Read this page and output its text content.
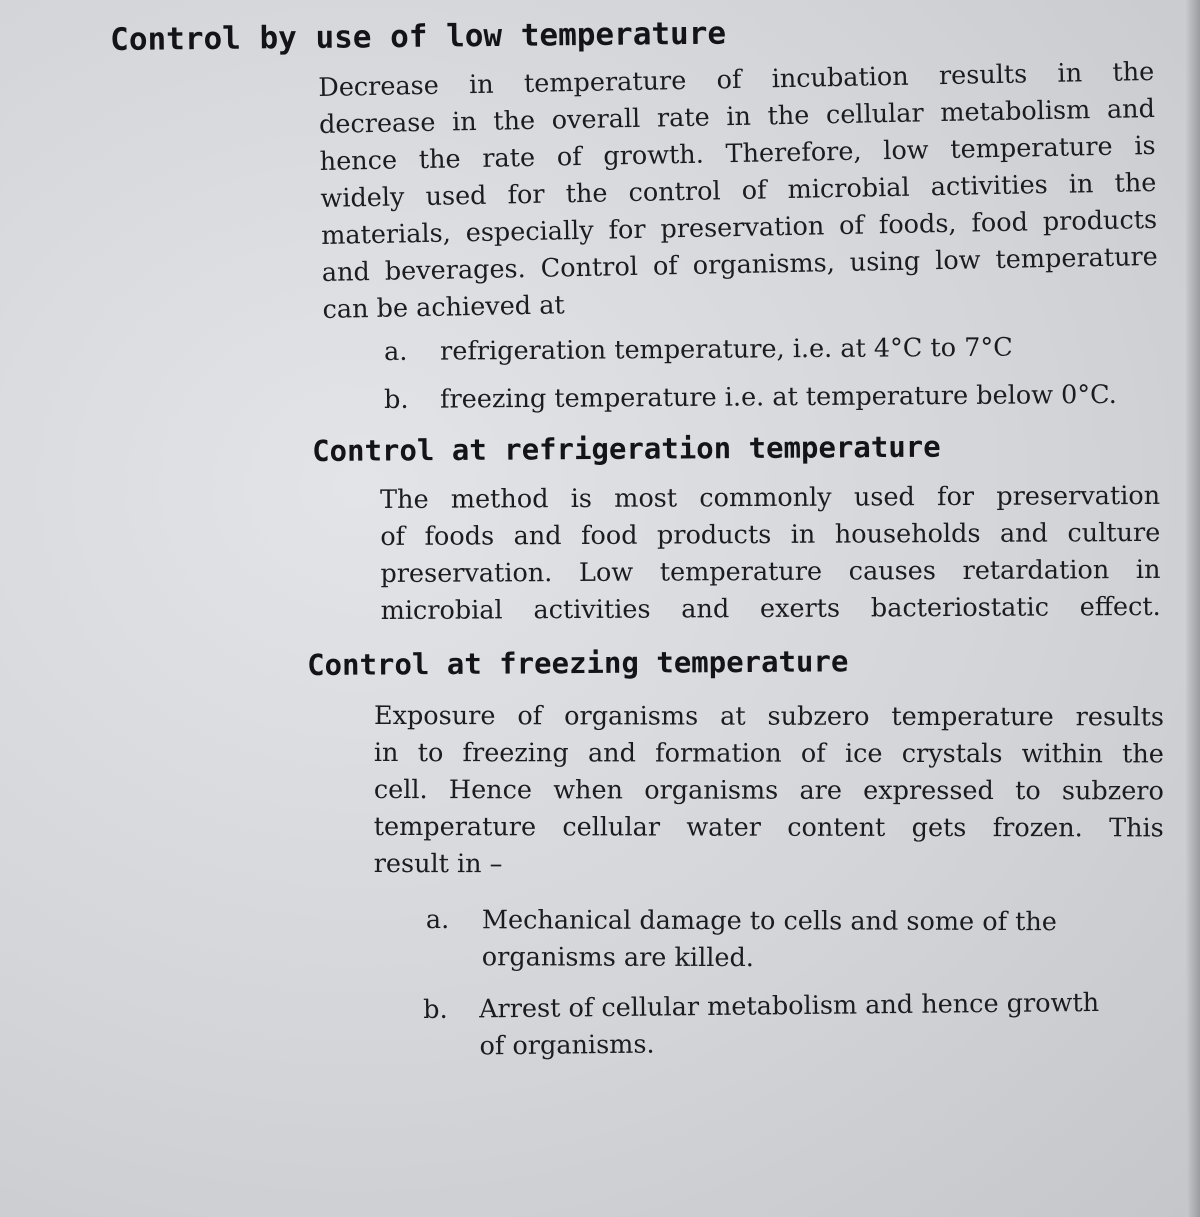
Control by use of low temperature
Decrease in temperature of incubation results in the
decrease in the overall rate in the cellular metabolism and
hence the rate of growth. Therefore, low temperature is
widely used for the control of microbial activities in the
materials, especially for preservation of foods, food products
and beverages. Control of organisms, using low temperature
can be achieved at
a. refrigeration temperature, i.e. at 4°C to 7°C
b. freezing temperature i.e. at temperature below 0°C.
Control at refrigeration temperature
The method is most commonly used for preservation
of foods and food products in households and culture
preservation. Low temperature causes retardation in
microbial activities and exerts bacteriostatic effect.
Control at freezing temperature
Exposure of organisms at subzero temperature results
in to freezing and formation of ice crystals within the
cell. Hence when organisms are expressed to subzero
temperature cellular water content gets frozen. This
result in –
a. Mechanical damage to cells and some of the
organisms are killed.
b. Arrest of cellular metabolism and hence growth
of organisms.
